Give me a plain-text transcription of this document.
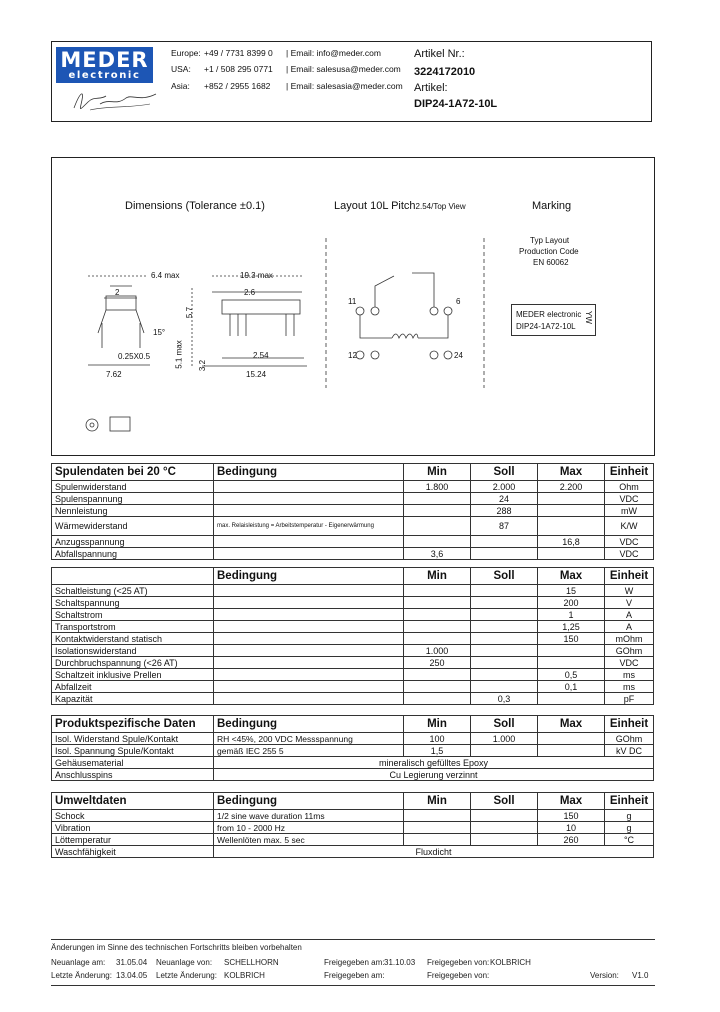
MEDER
electronic
Europe: +49 / 7731 8399 0 | Email: info@meder.com
USA: +1 / 508 295 0771 | Email: salesusa@meder.com
Asia: +852 / 2955 1682 | Email: salesasia@meder.com
Artikel Nr.:
3224172010
Artikel:
DIP24-1A72-10L
Dimensions (Tolerance ±0.1)	Layout 10L Pitch2.54/Top View	Marking
Typ Layout
Production Code
EN 60062
MEDER electronic
DIP24-1A72-10L
YW
6.4 max	19.3 max
2	2.6
5.7
15°
0.25X0.5
7.62
5.1 max 3.2
2.54
15.24
11	6
12	24
Spulendaten bei 20 °C	Bedingung	Min	Soll	Max	Einheit
Spulenwiderstand		1.800	2.000	2.200	Ohm
Spulenspannung			24		VDC
Nennleistung			288		mW
Wärmewiderstand	max. Relaisleistung = Arbeitstemperatur - Eigenerwärmung		87		K/W
Anzugsspannung				16,8	VDC
Abfallspannung		3,6			VDC
	Bedingung	Min	Soll	Max	Einheit
Schaltleistung (<25 AT)				15	W
Schaltspannung				200	V
Schaltstrom				1	A
Transportstrom				1,25	A
Kontaktwiderstand statisch				150	mOhm
Isolationswiderstand		1.000			GOhm
Durchbruchspannung (<26 AT)		250			VDC
Schaltzeit inklusive Prellen				0,5	ms
Abfallzeit				0,1	ms
Kapazität			0,3		pF
Produktspezifische Daten	Bedingung	Min	Soll	Max	Einheit
Isol. Widerstand Spule/Kontakt	RH <45%, 200 VDC Messspannung	100	1.000		GOhm
Isol. Spannung Spule/Kontakt	gemäß IEC 255 5	1,5			kV DC
Gehäusematerial	mineralisch gefülltes Epoxy				
Anschlusspins	Cu Legierung verzinnt				
Umweltdaten	Bedingung	Min	Soll	Max	Einheit
Schock	1/2 sine wave duration 11ms			150	g
Vibration	from 10 - 2000 Hz			10	g
Löttemperatur	Wellenlöten max. 5 sec			260	°C
Waschfähigkeit	Fluxdicht				
Änderungen im Sinne des technischen Fortschritts bleiben vorbehalten
Neuanlage am: 31.05.04 Neuanlage von: SCHELLHORN	Freigegeben am: 31.10.03 Freigegeben von: KOLBRICH
Letzte Änderung: 13.04.05 Letzte Änderung: KOLBRICH	Freigegeben am:	Freigegeben von:	Version: V1.0
